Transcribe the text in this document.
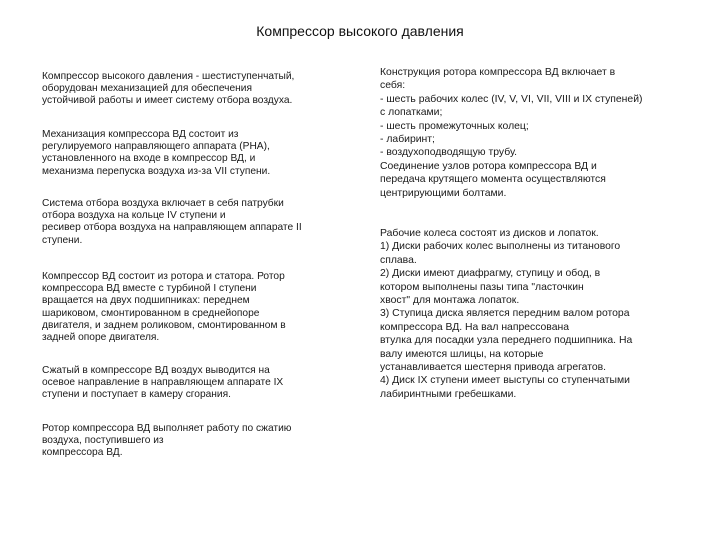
Компрессор высокого давления

Компрессор высокого давления - шестиступенчатый,
оборудован механизацией для обеспечения
устойчивой работы и имеет систему отбора воздуха.

Механизация компрессора ВД состоит из
регулируемого направляющего аппарата (РНА),
установленного на входе в компрессор ВД, и
механизма перепуска воздуха из-за VII ступени.

Система отбора воздуха включает в себя патрубки
отбора воздуха на кольце IV ступени и
ресивер отбора воздуха на направляющем аппарате II
ступени.

Компрессор ВД состоит из ротора и статора. Ротор
компрессора ВД вместе с турбиной I ступени
вращается на двух подшипниках: переднем
шариковом, смонтированном в среднейопоре
двигателя, и заднем роликовом, смонтированном в
задней опоре двигателя.

Сжатый в компрессоре ВД воздух выводится на
осевое направление в направляющем аппарате IX
ступени и поступает в камеру сгорания.

Ротор компрессора ВД выполняет работу по сжатию
воздуха, поступившего из
компрессора ВД.

Конструкция ротора компрессора ВД включает в
себя:
- шесть рабочих колес (IV, V, VI, VII, VIII и IX ступеней)
с лопатками;
- шесть промежуточных колец;
- лабиринт;
- воздухоподводящую трубу.
Соединение узлов ротора компрессора ВД и
передача крутящего момента осуществляются
центрирующими болтами.

Рабочие колеса состоят из дисков и лопаток.
1) Диски рабочих колес выполнены из титанового
сплава.
2) Диски имеют диафрагму, ступицу и обод, в
котором выполнены пазы типа "ласточкин
хвост" для монтажа лопаток.
3) Ступица диска является передним валом ротора
компрессора ВД. На вал напрессована
втулка для посадки узла переднего подшипника. На
валу имеются шлицы, на которые
устанавливается шестерня привода агрегатов.
4) Диск IX ступени имеет выступы со ступенчатыми
лабиринтными гребешками.
